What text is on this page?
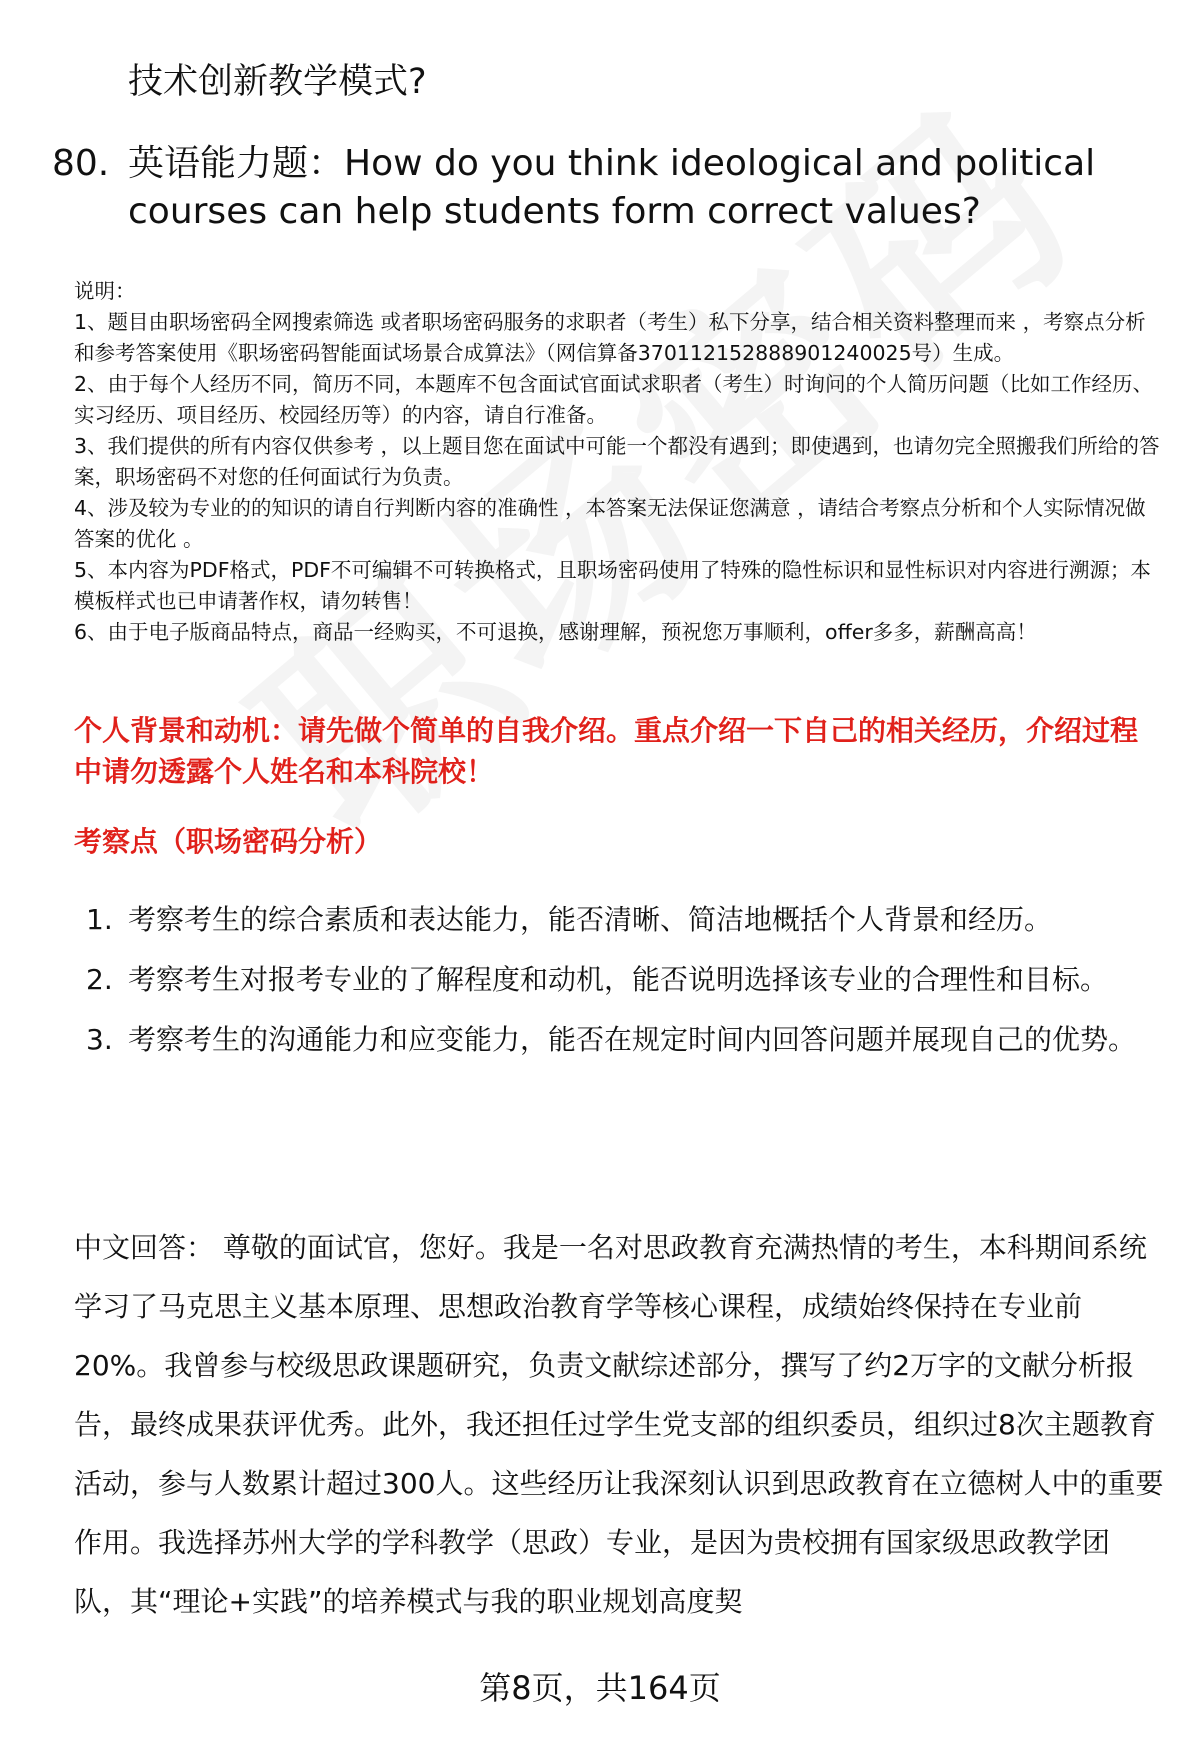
技术创新教学模式?
80. 英语能力题：How do you think ideological and political courses can help students form correct values?

说明：

1、题目由职场密码全网搜索筛选 或者职场密码服务的求职者（考生）私下分享，结合相关资料整理而来 ，考察点分析和参考答案使用《职场密码智能面试场景合成算法》（网信算备370112152888901240025号）生成。

2、由于每个人经历不同，简历不同，本题库不包含面试官面试求职者（考生）时询问的个人简历问题（比如工作经历、实习经历、项目经历、校园经历等）的内容，请自行准备。

3、我们提供的所有内容仅供参考 ，以上题目您在面试中可能一个都没有遇到；即使遇到，也请勿完全照搬我们所给的答案，职场密码不对您的任何面试行为负责。

4、涉及较为专业的的知识的请自行判断内容的准确性 ，本答案无法保证您满意 ，请结合考察点分析和个人实际情况做答案的优化 。

5、本内容为PDF格式，PDF不可编辑不可转换格式，且职场密码使用了特殊的隐性标识和显性标识对内容进行溯源；本模板样式也已申请著作权，请勿转售！

6、由于电子版商品特点，商品一经购买，不可退换，感谢理解，预祝您万事顺利，offer多多，薪酬高高！

个人背景和动机：请先做个简单的自我介绍。重点介绍一下自己的相关经历，介绍过程中请勿透露个人姓名和本科院校！
考察点（职场密码分析）
1. 考察考生的综合素质和表达能力，能否清晰、简洁地概括个人背景和经历。
2. 考察考生对报考专业的了解程度和动机，能否说明选择该专业的合理性和目标。
3. 考察考生的沟通能力和应变能力，能否在规定时间内回答问题并展现自己的优势。

中文回答： 尊敬的面试官，您好。我是一名对思政教育充满热情的考生，本科期间系统学习了马克思主义基本原理、思想政治教育学等核心课程，成绩始终保持在专业前20%。我曾参与校级思政课题研究，负责文献综述部分，撰写了约2万字的文献分析报告，最终成果获评优秀。此外，我还担任过学生党支部的组织委员，组织过8次主题教育活动，参与人数累计超过300人。这些经历让我深刻认识到思政教育在立德树人中的重要作用。我选择苏州大学的学科教学（思政）专业，是因为贵校拥有国家级思政教学团队，其“理论+实践”的培养模式与我的职业规划高度契

第8页，共164页
